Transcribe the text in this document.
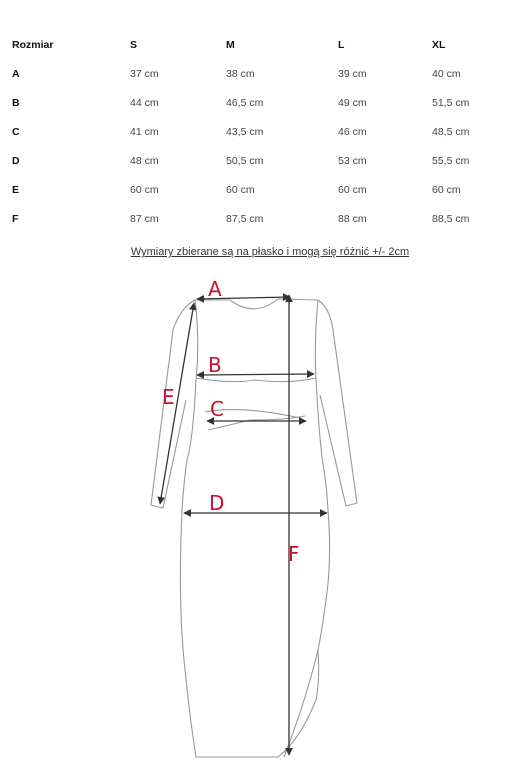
Rozmiar	S	M	L	XL
A	37 cm	38 cm	39 cm	40 cm
B	44 cm	46,5 cm	49 cm	51,5 cm
C	41 cm	43,5 cm	46 cm	48,5 cm
D	48 cm	50,5 cm	53 cm	55,5 cm
E	60 cm	60 cm	60 cm	60 cm
F	87 cm	87,5 cm	88 cm	88,5 cm
Wymiary zbierane są na płasko i mogą się różnić +/- 2cm
A
B
C
D
E
F
